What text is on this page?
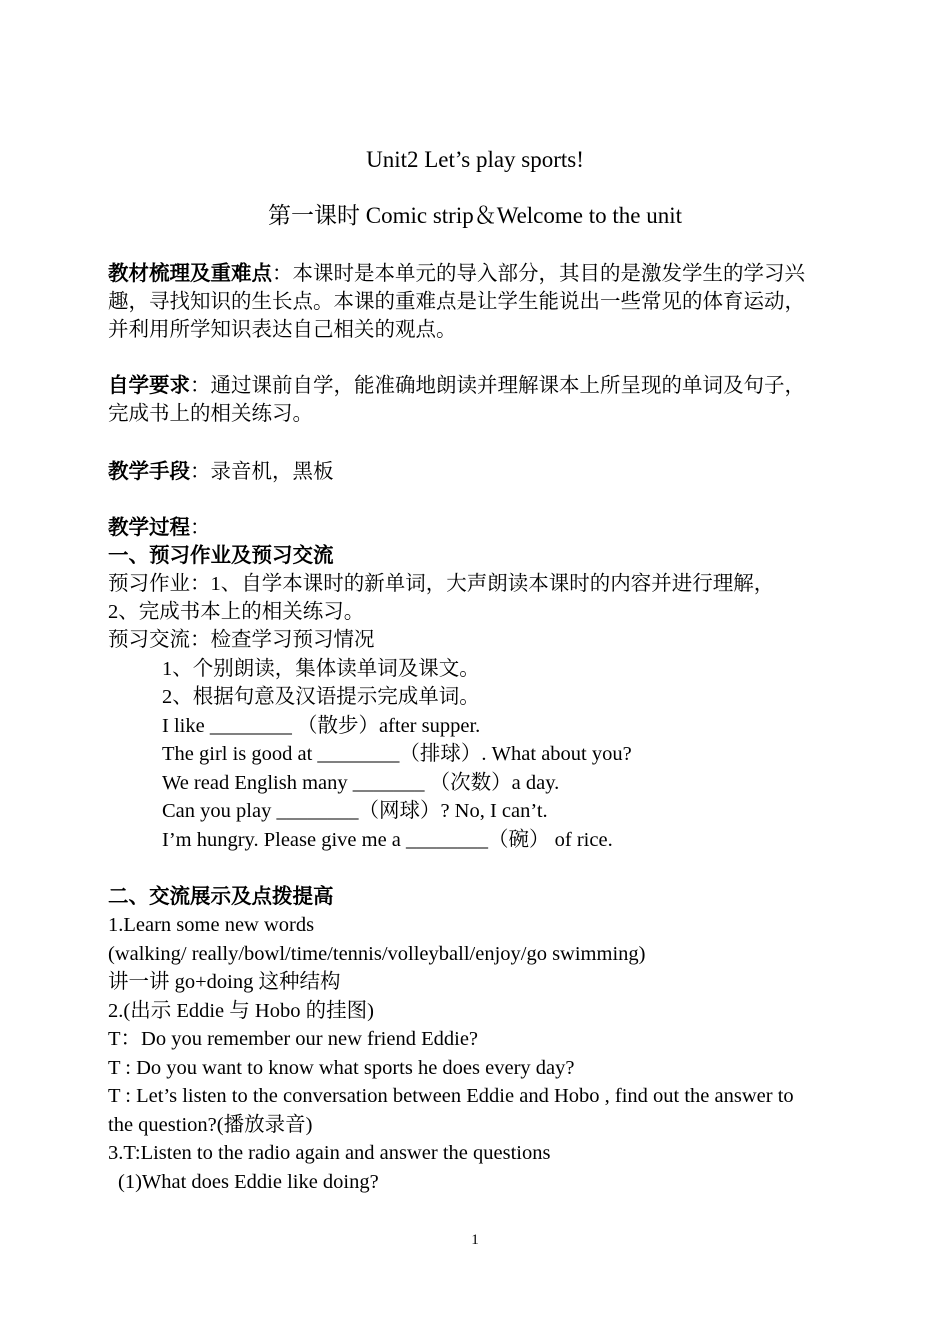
Unit2 Let’s play sports!
第一课时 Comic strip＆Welcome to the unit
教材梳理及重难点：本课时是本单元的导入部分，其目的是激发学生的学习兴
趣，寻找知识的生长点。本课的重难点是让学生能说出一些常见的体育运动，
并利用所学知识表达自己相关的观点。
自学要求：通过课前自学，能准确地朗读并理解课本上所呈现的单词及句子，
完成书上的相关练习。
教学手段：录音机，黑板
教学过程：
一、预习作业及预习交流
预习作业：1、自学本课时的新单词，大声朗读本课时的内容并进行理解，
2、完成书本上的相关练习。
预习交流：检查学习预习情况
1、个别朗读，集体读单词及课文。
2、根据句意及汉语提示完成单词。
I like ________ （散步）after supper.
The girl is good at ________（排球）. What about you?
We read English many _______ （次数）a day.
Can you play ________（网球）? No, I can’t.
I’m hungry. Please give me a ________（碗） of rice.
二、交流展示及点拨提高
1.Learn some new words
(walking/ really/bowl/time/tennis/volleyball/enjoy/go swimming)
讲一讲 go+doing 这种结构
2.(出示 Eddie 与 Hobo 的挂图)
T：Do you remember our new friend Eddie?
T : Do you want to know what sports he does every day?
T : Let’s listen to the conversation between Eddie and Hobo , find out the answer to
the question?(播放录音)
3.T:Listen to the radio again and answer the questions
(1)What does Eddie like doing?
1
